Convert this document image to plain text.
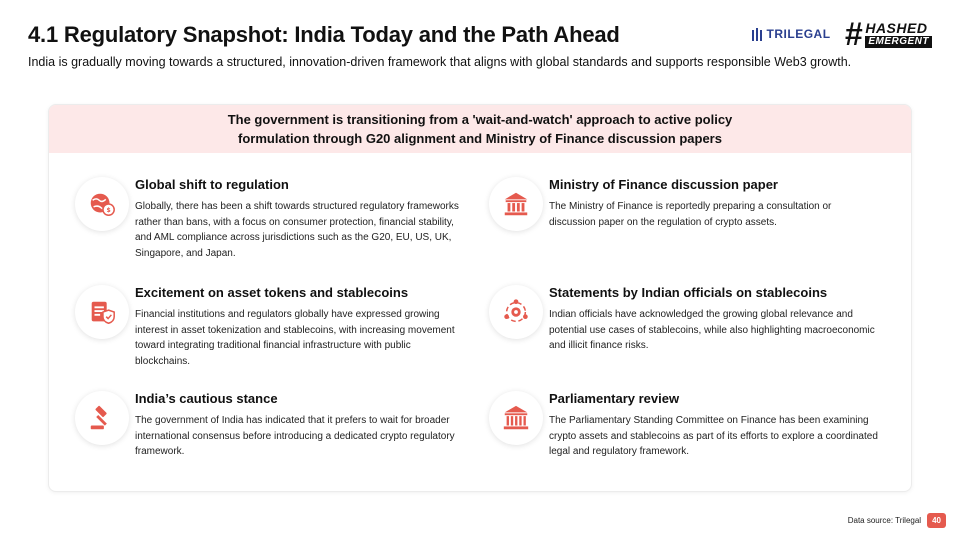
4.1 Regulatory Snapshot: India Today and the Path Ahead
India is gradually moving towards a structured, innovation-driven framework that aligns with global standards and supports responsible Web3 growth.
TRILEGAL # HASHED
EMERGENT

The government is transitioning from a 'wait-and-watch' approach to active policy formulation through G20 alignment and Ministry of Finance discussion papers

$
Global shift to regulation

Globally, there has been a shift towards structured regulatory frameworks rather than bans, with a focus on consumer protection, financial stability, and AML compliance across jurisdictions such as the G20, EU, US, UK, Singapore, and Japan.

Ministry of Finance discussion paper

The Ministry of Finance is reportedly preparing a consultation or discussion paper on the regulation of crypto assets.

Excitement on asset tokens and stablecoins

Financial institutions and regulators globally have expressed growing interest in asset tokenization and stablecoins, with increasing movement toward integrating traditional financial infrastructure with public blockchains.

Statements by Indian officials on stablecoins

Indian officials have acknowledged the growing global relevance and potential use cases of stablecoins, while also highlighting macroeconomic and illicit finance risks.

India’s cautious stance

The government of India has indicated that it prefers to wait for broader international consensus before introducing a dedicated crypto regulatory framework.

Parliamentary review

The Parliamentary Standing Committee on Finance has been examining crypto assets and stablecoins as part of its efforts to explore a coordinated legal and regulatory framework.

Data source: Trilegal	40
